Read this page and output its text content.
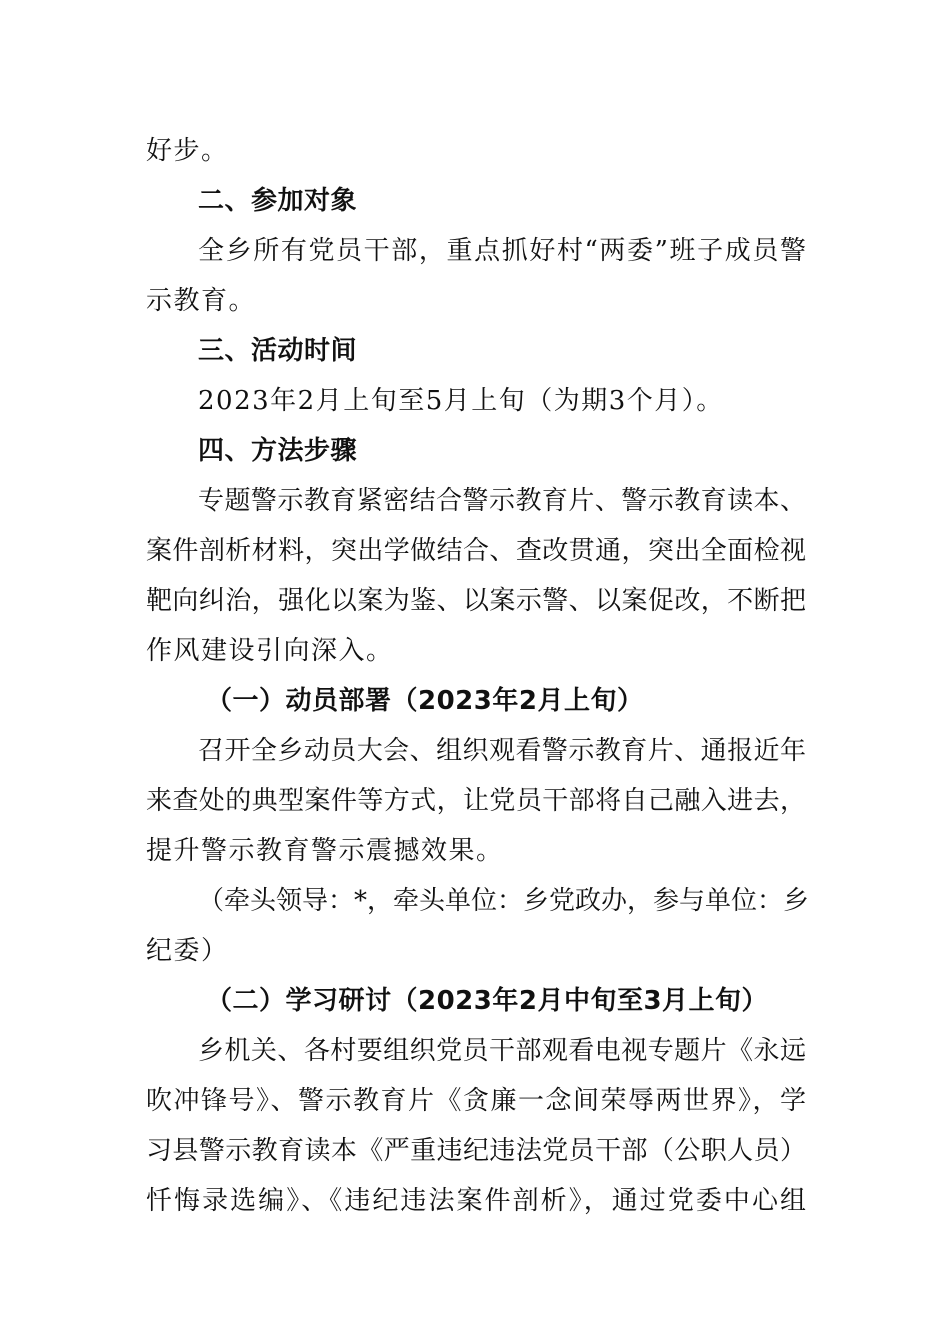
好步。
二、参加对象
全乡所有党员干部，重点抓好村“两委”班子成员警
示教育。
三、活动时间
2023年2月上旬至5月上旬（为期3个月）。
四、方法步骤
专题警示教育紧密结合警示教育片、警示教育读本、
案件剖析材料，突出学做结合、查改贯通，突出全面检视
靶向纠治，强化以案为鉴、以案示警、以案促改，不断把
作风建设引向深入。
（一）动员部署（2023年2月上旬）
召开全乡动员大会、组织观看警示教育片、通报近年
来查处的典型案件等方式，让党员干部将自己融入进去，
提升警示教育警示震撼效果。
（牵头领导：*，牵头单位：乡党政办，参与单位：乡
纪委）
（二）学习研讨（2023年2月中旬至3月上旬）
乡机关、各村要组织党员干部观看电视专题片《永远
吹冲锋号》、警示教育片《贪廉一念间荣辱两世界》，学
习县警示教育读本《严重违纪违法党员干部（公职人员）
忏悔录选编》、《违纪违法案件剖析》，通过党委中心组
